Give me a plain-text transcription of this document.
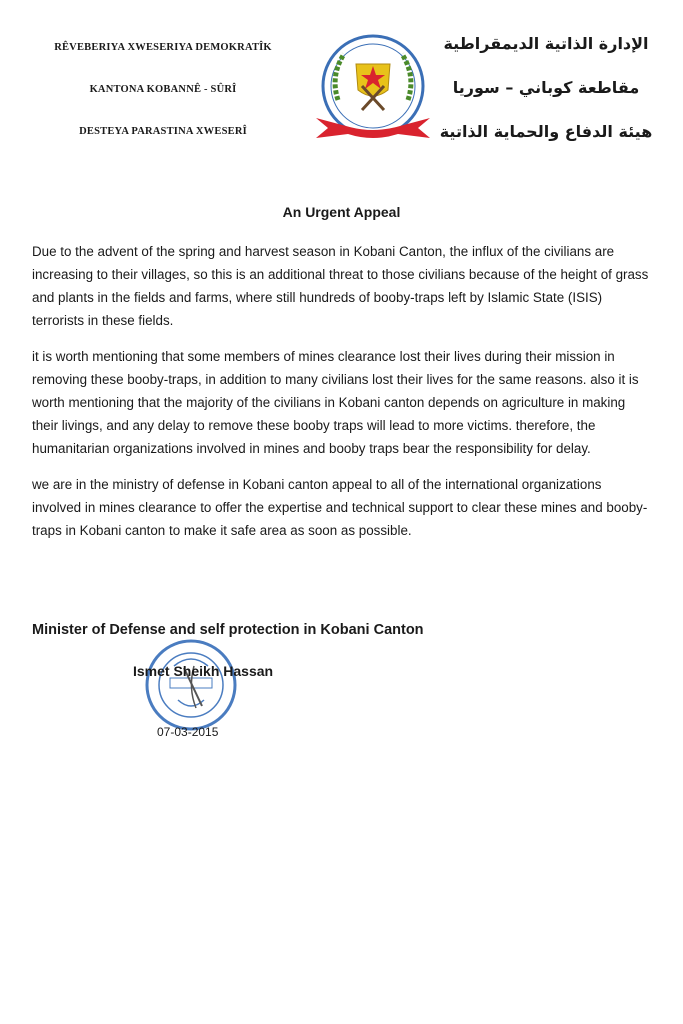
RÊVEBERIYA XWESERIYA DEMOKRATÎK
KANTONA KOBANNÊ - SÛRÎ
DESTEYA PARASTINA XWESERÎ
الإدارة الذاتية الديمقراطية
مقاطعة كوباني – سوريا
هيئة الدفاع والحماية الذاتية
An Urgent Appeal

Due to the advent of the spring and harvest season in Kobani Canton, the influx of the civilians are increasing to their villages, so this is an additional threat to those civilians because of the height of grass and plants in the fields and farms, where still hundreds of booby-traps left by Islamic State (ISIS) terrorists in these fields.

it is worth mentioning that some members of mines clearance lost their lives during their mission in removing these booby-traps, in addition to many civilians lost their lives for the same reasons. also it is worth mentioning that the majority of the civilians in Kobani canton depends on agriculture in making their livings, and any delay to remove these booby traps will lead to more victims. therefore, the humanitarian organizations involved in mines and booby traps bear the responsibility for delay.

we are in the ministry of defense in Kobani canton appeal to all of the international organizations involved in mines clearance to offer the expertise and technical support to clear these mines and booby-traps in Kobani canton to make it safe area as soon as possible.

Minister of Defense and self protection in Kobani Canton
Ismet Sheikh Hassan
07-03-2015
